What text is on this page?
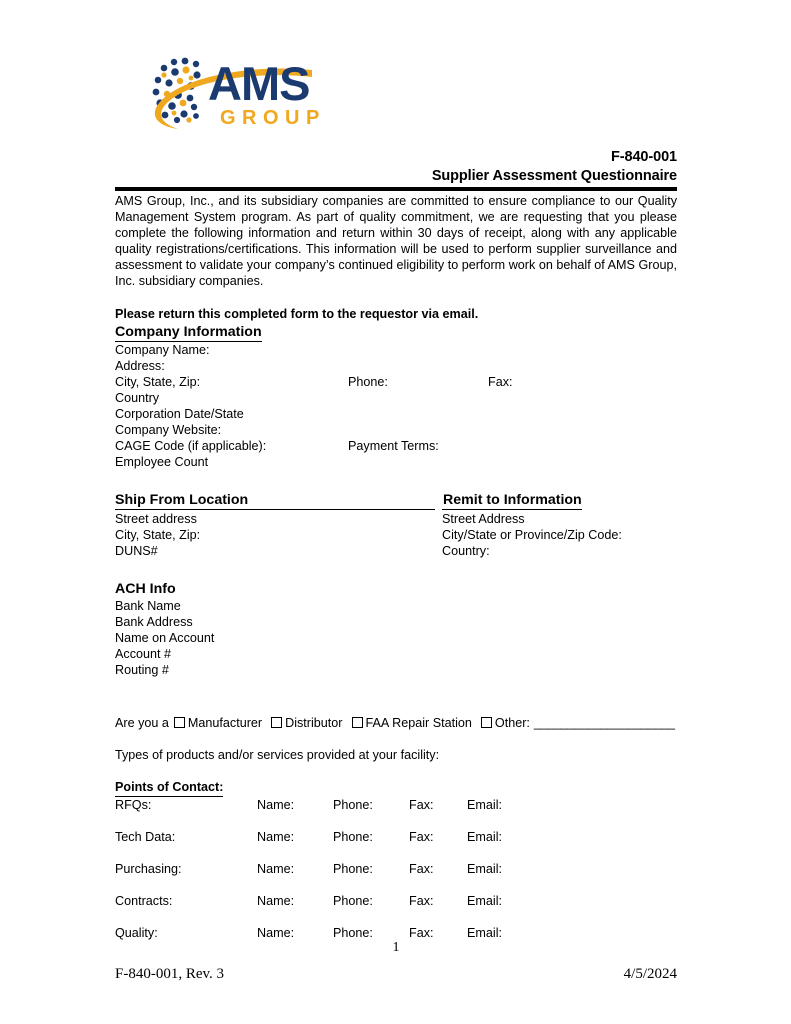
AMS
GROUP
F-840-001
Supplier Assessment Questionnaire

AMS Group, Inc., and its subsidiary companies are committed to ensure compliance to our Quality Management System program. As part of quality commitment, we are requesting that you please complete the following information and return within 30 days of receipt, along with any applicable quality registrations/certifications. This information will be used to perform supplier surveillance and assessment to validate your company’s continued eligibility to perform work on behalf of AMS Group, Inc. subsidiary companies.

Please return this completed form to the requestor via email.
Company Information
Company Name:
Address:
City, State, Zip:	Phone:	Fax:
Country
Corporation Date/State
Company Website:
CAGE Code (if applicable):	Payment Terms:
Employee Count
Ship From Location	Remit to Information
Street address	Street Address
City, State, Zip:	City/State or Province/Zip Code:
DUNS#	Country:
ACH Info
Bank Name
Bank Address
Name on Account
Account #
Routing #
Are you a Manufacturer Distributor FAA Repair Station Other: _____________________
Types of products and/or services provided at your facility:
Points of Contact:
RFQs:	Name:	Phone:	Fax:	Email:
Tech Data:	Name:	Phone:	Fax:	Email:
Purchasing:	Name:	Phone:	Fax:	Email:
Contracts:	Name:	Phone:	Fax:	Email:
Quality:	Name:	Phone:	Fax:	Email:
1
F-840-001, Rev. 3	4/5/2024
